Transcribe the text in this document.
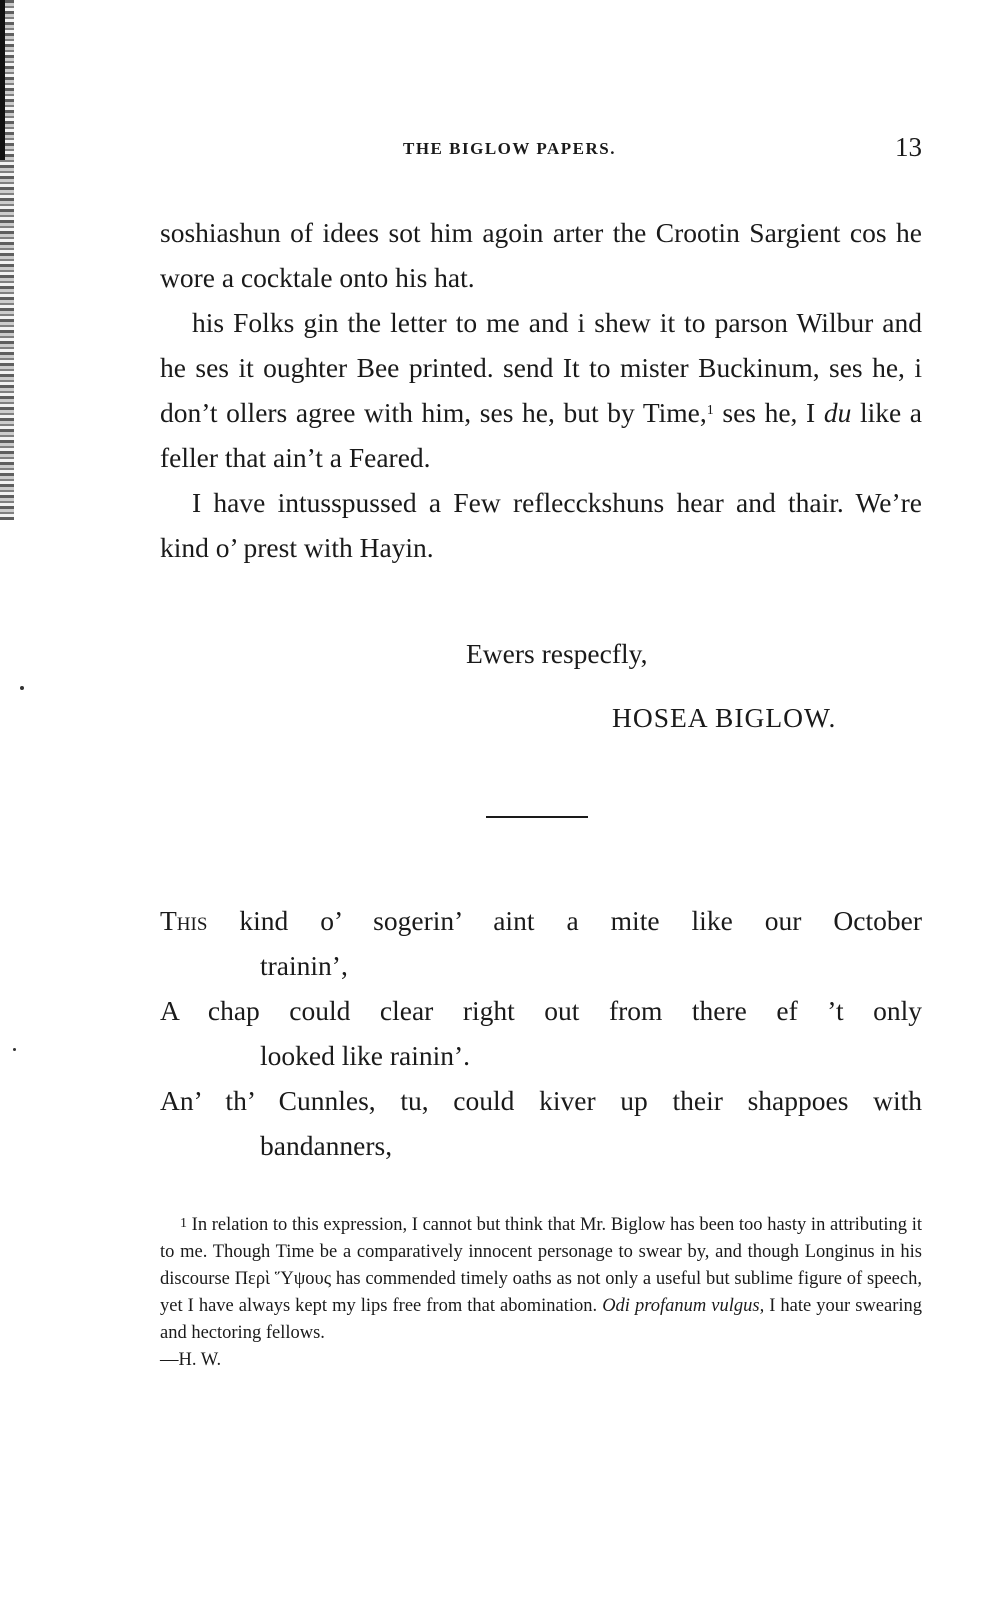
THE BIGLOW PAPERS.	13

soshiashun of idees sot him agoin arter the Crootin Sargient cos he wore a cocktale onto his hat.

his Folks gin the letter to me and i shew it to parson Wilbur and he ses it oughter Bee printed. send It to mister Buckinum, ses he, i don’t ollers agree with him, ses he, but by Time,$^1$ ses he, I du like a feller that ain’t a Feared.

I have intusspussed a Few reflecckshuns hear and thair. We’re kind o’ prest with Hayin.

Ewers respecfly,
HOSEA BIGLOW.
This kind o’ sogerin’ aint a mite like our October
trainin’,
A chap could clear right out from there ef ’t only
looked like rainin’.
An’ th’ Cunnles, tu, could kiver up their shappoes with
bandanners,

$^1$ In relation to this expression, I cannot but think that Mr. Biglow has been too hasty in attributing it to me. Though Time be a comparatively innocent personage to swear by, and though Longinus in his discourse Περὶ Ὕψους has commended timely oaths as not only a useful but sublime figure of speech, yet I have always kept my lips free from that abomination. Odi profanum vulgus, I hate your swearing and hectoring fellows.

—H. W.
